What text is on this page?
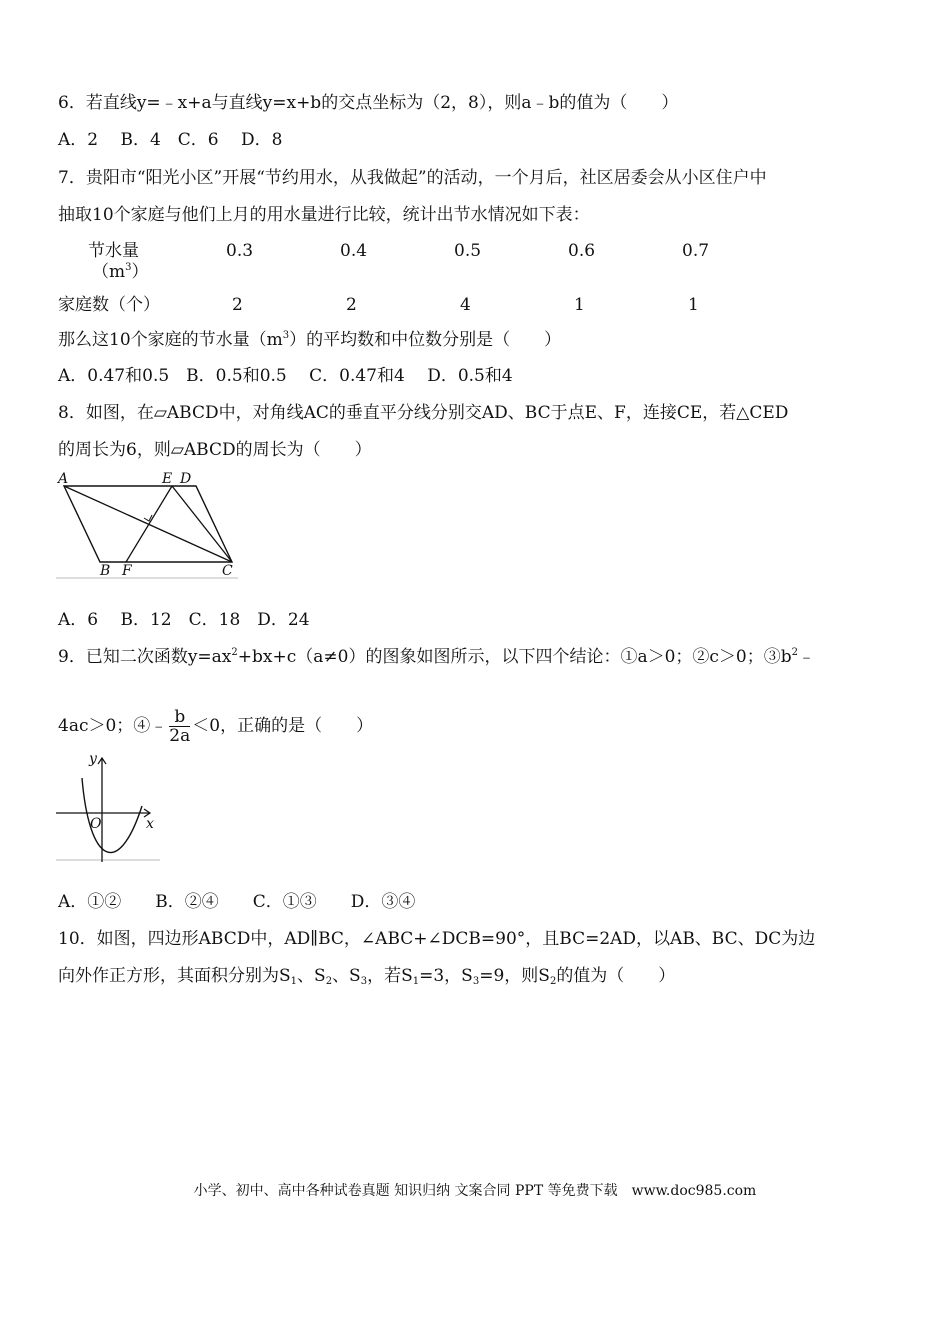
6．若直线y=﹣x+a与直线y=x+b的交点坐标为（2，8），则a﹣b的值为（　　）
A．2　 B．4　C．6　 D．8
7．贵阳市“阳光小区”开展“节约用水，从我做起”的活动，一个月后，社区居委会从小区住户中
抽取10个家庭与他们上月的用水量进行比较，统计出节水情况如下表：
节水量
$(m^3)$
0.3	0.4	0.5	0.6	0.7
家庭数（个）	2	2	4	1	1
那么这10个家庭的节水量$(m^3)$的平均数和中位数分别是（　　）
A．0.47和0.5　B．0.5和0.5　 C．0.47和4　 D．0.5和4
8．如图，在▱ABCD中，对角线AC的垂直平分线分别交AD、BC于点E、F，连接CE，若△CED
的周长为6，则▱ABCD的周长为（　　）
A	E D
B F	C
A．6　 B．12　C．18　D．24
9．已知二次函数$y=ax^2+bx+c(a\ne 0)$的图象如图所示，以下四个结论：①a＞0；②c＞0；$③b^2﹣$
4ac＞0；④﹣ $\frac{b}{2a} <0$，正确的是（　　）
y
x
O
A．①②　　B．②④　　C．①③　　D．③④
10．如图，四边形ABCD中，AD∥BC，∠ABC+∠DCB=90°，且BC=2AD，以AB、BC、DC为边
向外作正方形，其面积分别为$S_1$、$S_2$、$S_3$，若$S_1=3$，$S_3=9$，则$S_2$的值为（　　）
小学、初中、高中各种试卷真题 知识归纳 文案合同 PPT 等免费下载　www.doc985.com
